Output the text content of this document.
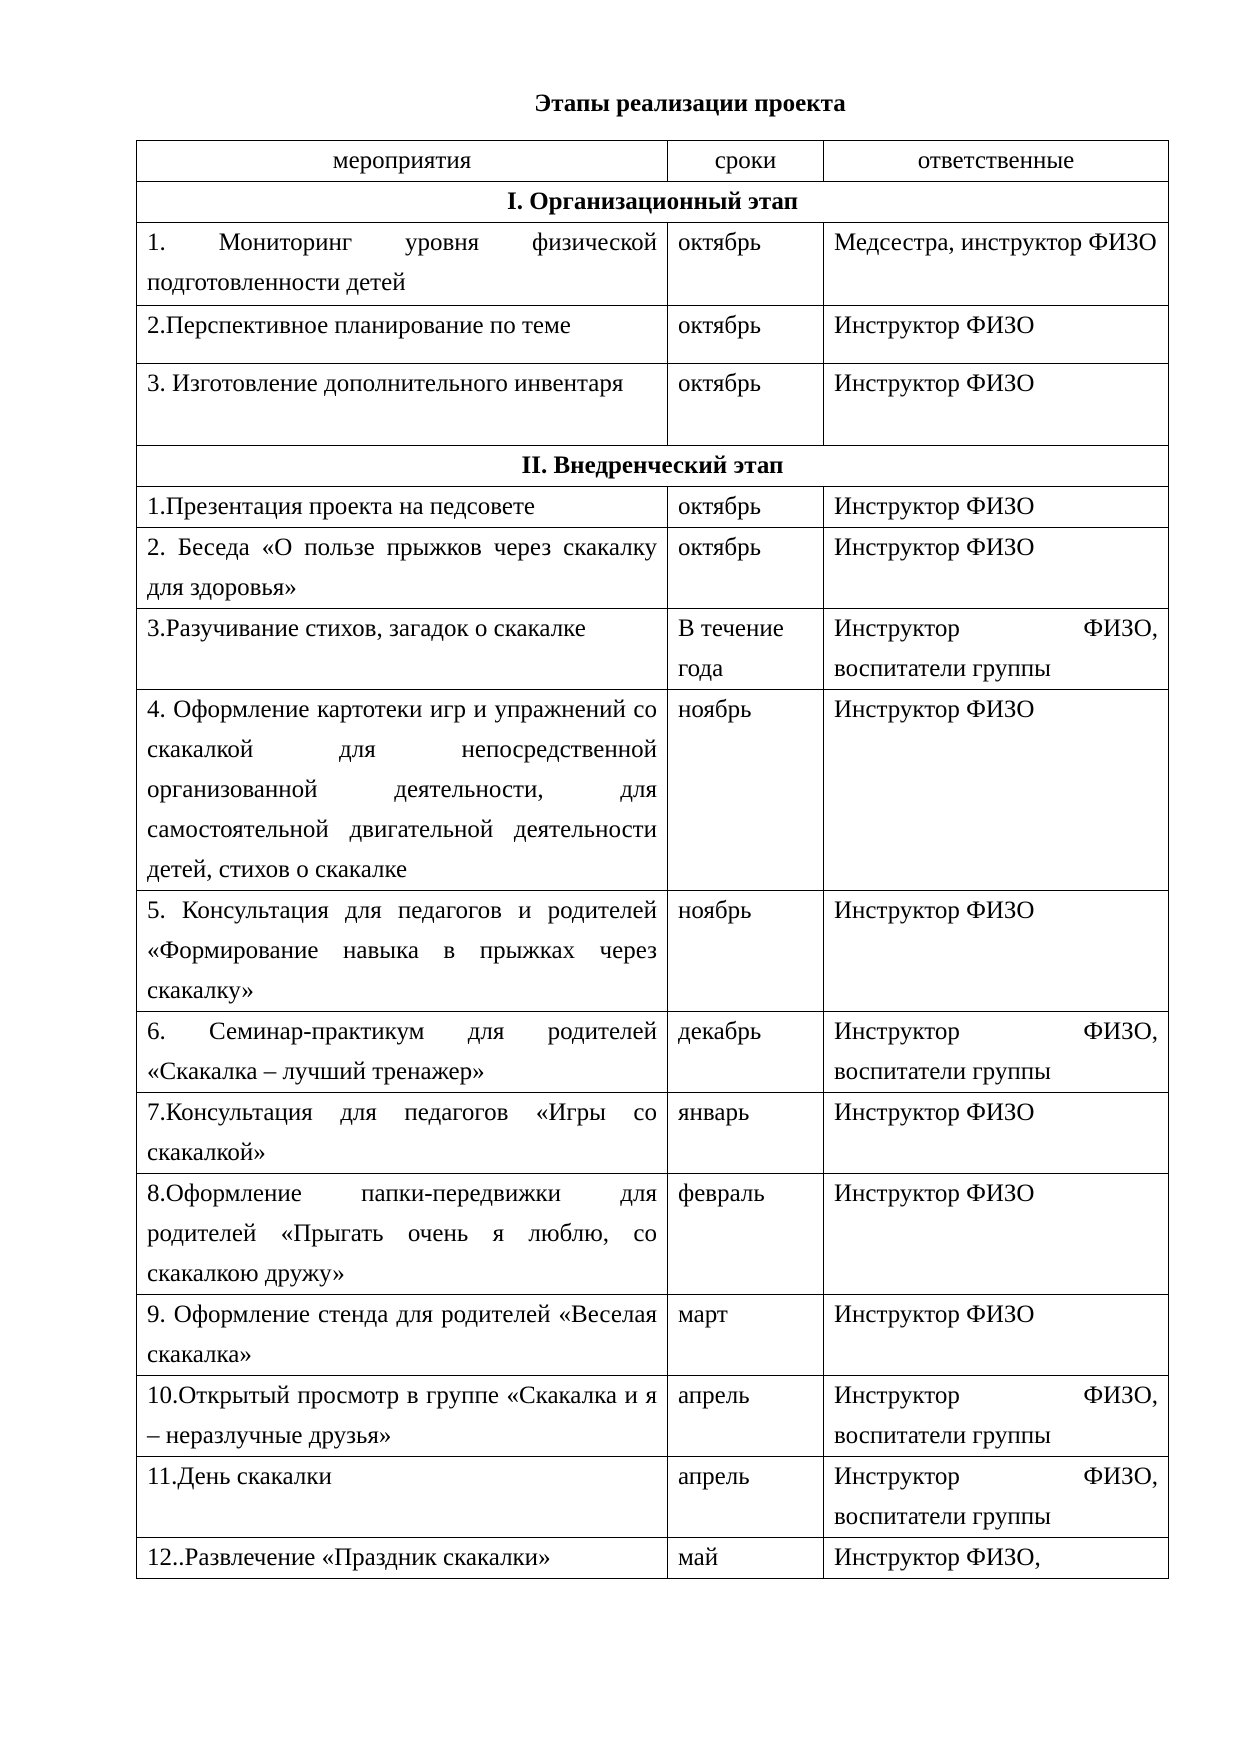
Этапы реализации проекта
мероприятия	сроки	ответственные
I. Организационный этап		
1. Мониторинг уровня физической подготовленности детей	октябрь	Медсестра, инструктор ФИЗО
2.Перспективное планирование по теме	октябрь	Инструктор ФИЗО
3. Изготовление дополнительного инвентаря	октябрь	Инструктор ФИЗО
II. Внедренческий этап		
1.Презентация проекта на педсовете	октябрь	Инструктор ФИЗО
2. Беседа «О пользе прыжков через скакалку для здоровья»	октябрь	Инструктор ФИЗО
3.Разучивание стихов, загадок о скакалке	В течение года	Инструктор ФИЗО, воспитатели группы
4. Оформление картотеки игр и упражнений со скакалкой для непосредственной организованной деятельности, для самостоятельной двигательной деятельности детей, стихов о скакалке	ноябрь	Инструктор ФИЗО
5. Консультация для педагогов и родителей «Формирование навыка в прыжках через скакалку»	ноябрь	Инструктор ФИЗО
6. Семинар-практикум для родителей «Скакалка – лучший тренажер»	декабрь	Инструктор ФИЗО, воспитатели группы
7.Консультация для педагогов «Игры со скакалкой»	январь	Инструктор ФИЗО
8.Оформление папки-передвижки для родителей «Прыгать очень я люблю, со скакалкою дружу»	февраль	Инструктор ФИЗО
9. Оформление стенда для родителей «Веселая скакалка»	март	Инструктор ФИЗО
10.Открытый просмотр в группе «Скакалка и я – неразлучные друзья»	апрель	Инструктор ФИЗО, воспитатели группы
11.День скакалки	апрель	Инструктор ФИЗО, воспитатели группы
12..Развлечение «Праздник скакалки»	май	Инструктор ФИЗО,
